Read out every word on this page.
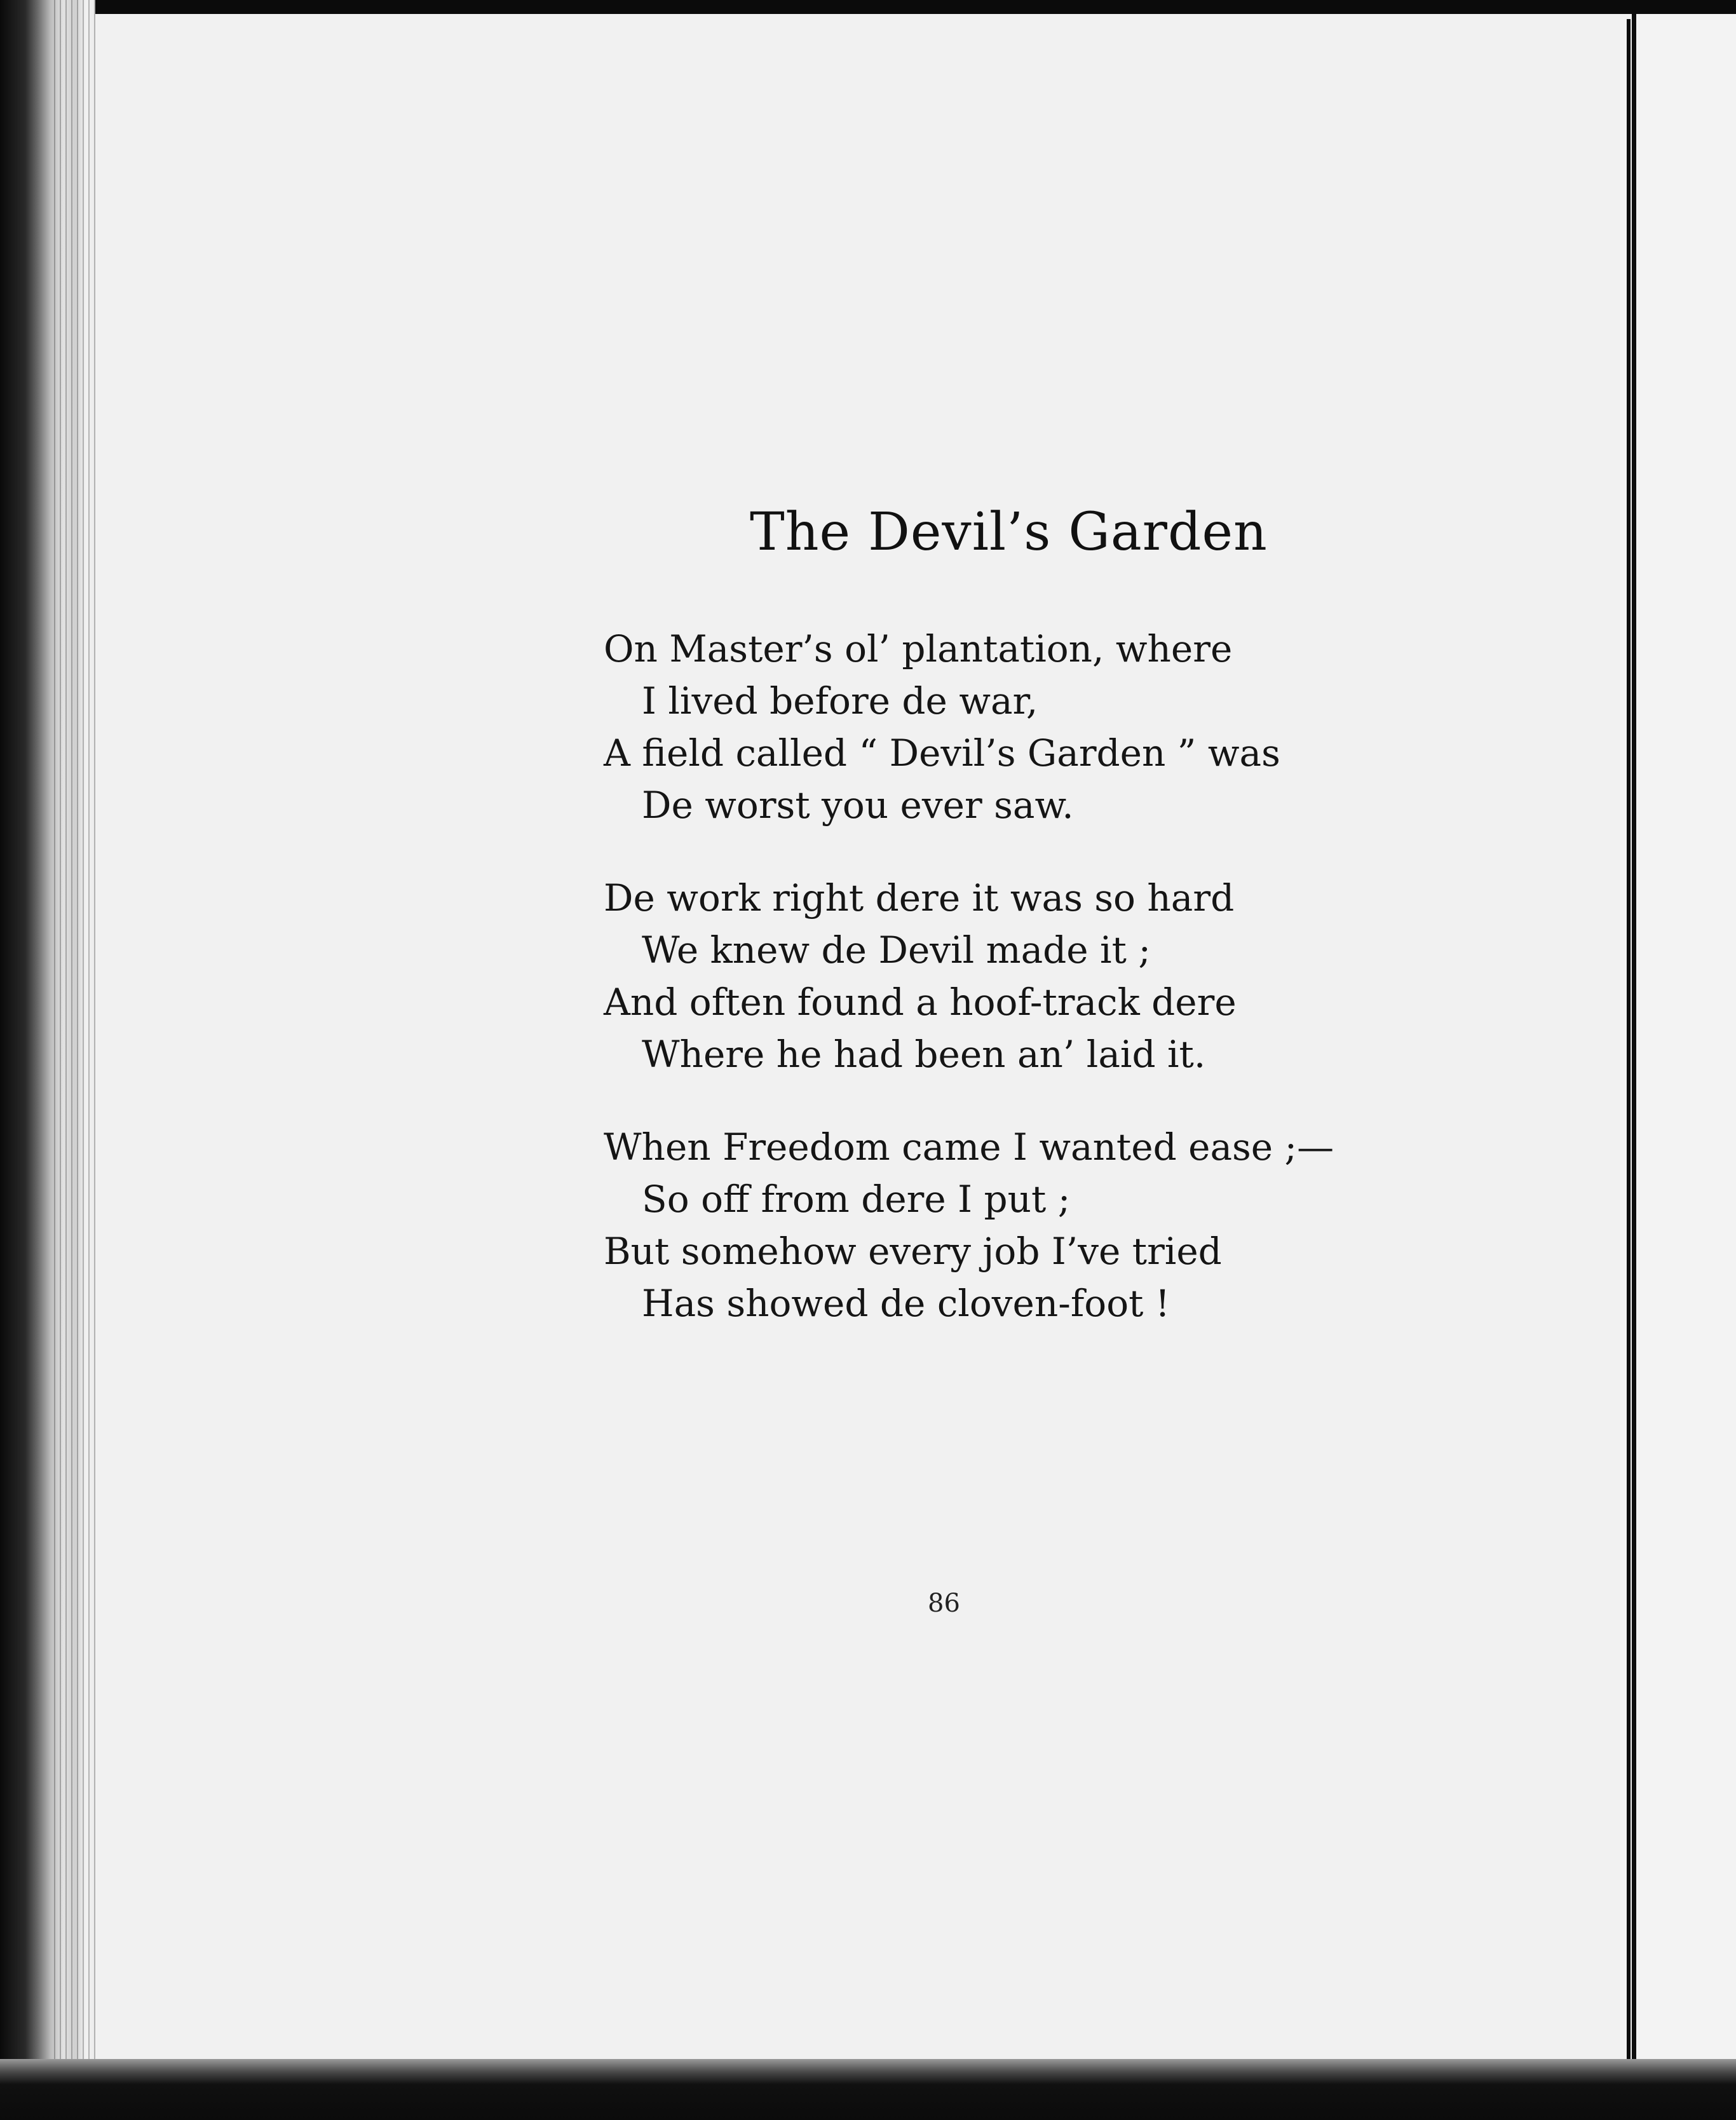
The Devil’s Garden
On Master’s ol’ plantation, where
I lived before de war,
A field called “ Devil’s Garden ” was
De worst you ever saw.
De work right dere it was so hard
We knew de Devil made it ;
And often found a hoof-track dere
Where he had been an’ laid it.
When Freedom came I wanted ease ;—
So off from dere I put ;
But somehow every job I’ve tried
Has showed de cloven-foot !
86
